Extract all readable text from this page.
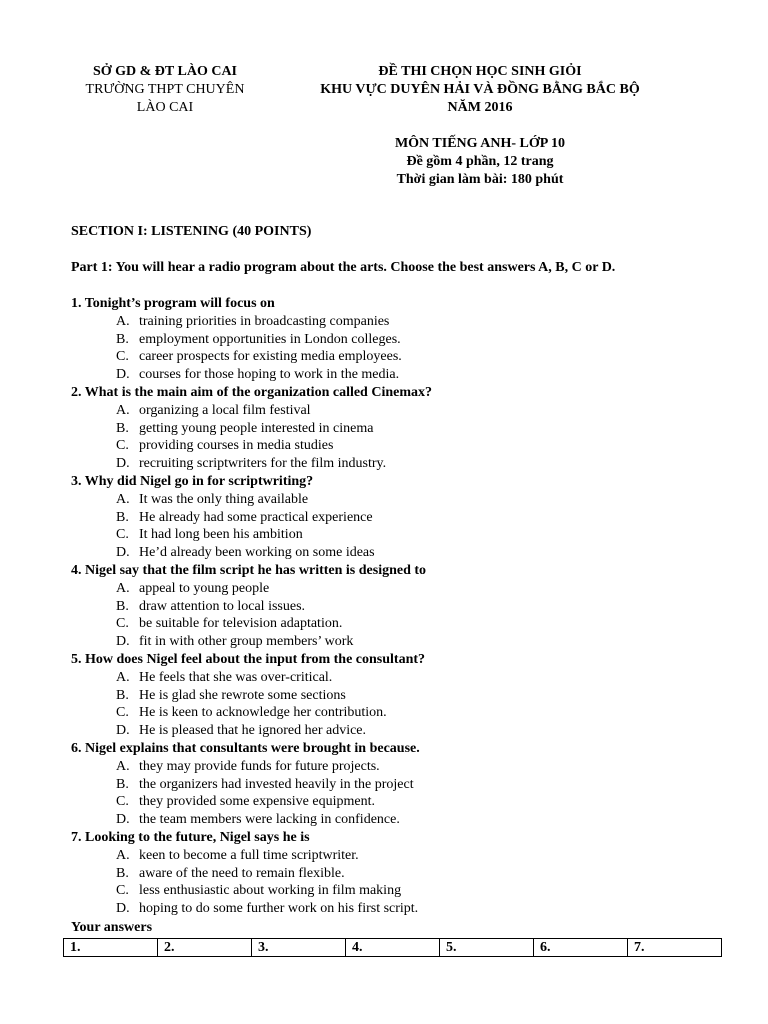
SỞ GD & ĐT LÀO CAI
TRƯỜNG THPT CHUYÊN
LÀO CAI
ĐỀ THI CHỌN HỌC SINH GIỎI
KHU VỰC DUYÊN HẢI VÀ ĐỒNG BẰNG BẮC BỘ
NĂM 2016
MÔN TIẾNG ANH- LỚP 10
Đề gồm 4 phần, 12 trang
Thời gian làm bài: 180 phút
SECTION I: LISTENING (40 POINTS)
Part 1: You will hear a radio program about the arts. Choose the best answers A, B, C or D.
1. Tonight’s program will focus on
A. training priorities in broadcasting companies
B. employment opportunities in London colleges.
C. career prospects for existing media employees.
D. courses for those hoping to work in the media.
2. What is the main aim of the organization called Cinemax?
A. organizing a local film festival
B. getting young people interested in cinema
C. providing courses in media studies
D. recruiting scriptwriters for the film industry.
3. Why did Nigel go in for scriptwriting?
A. It was the only thing available
B. He already had some practical experience
C. It had long been his ambition
D. He’d already been working on some ideas
4. Nigel say that the film script he has written is designed to
A. appeal to young people
B. draw attention to local issues.
C. be suitable for television adaptation.
D. fit in with other group members’ work
5. How does Nigel feel about the input from the consultant?
A. He feels that she was over-critical.
B. He is glad she rewrote some sections
C. He is keen to acknowledge her contribution.
D. He is pleased that he ignored her advice.
6. Nigel explains that consultants were brought in because.
A. they may provide funds for future projects.
B. the organizers had invested heavily in the project
C. they provided some expensive equipment.
D. the team members were lacking in confidence.
7. Looking to the future, Nigel says he is
A. keen to become a full time scriptwriter.
B. aware of the need to remain flexible.
C. less enthusiastic about working in film making
D. hoping to do some further work on his first script.
Your answers
1.	2.	3.	4.	5.	6.	7.
